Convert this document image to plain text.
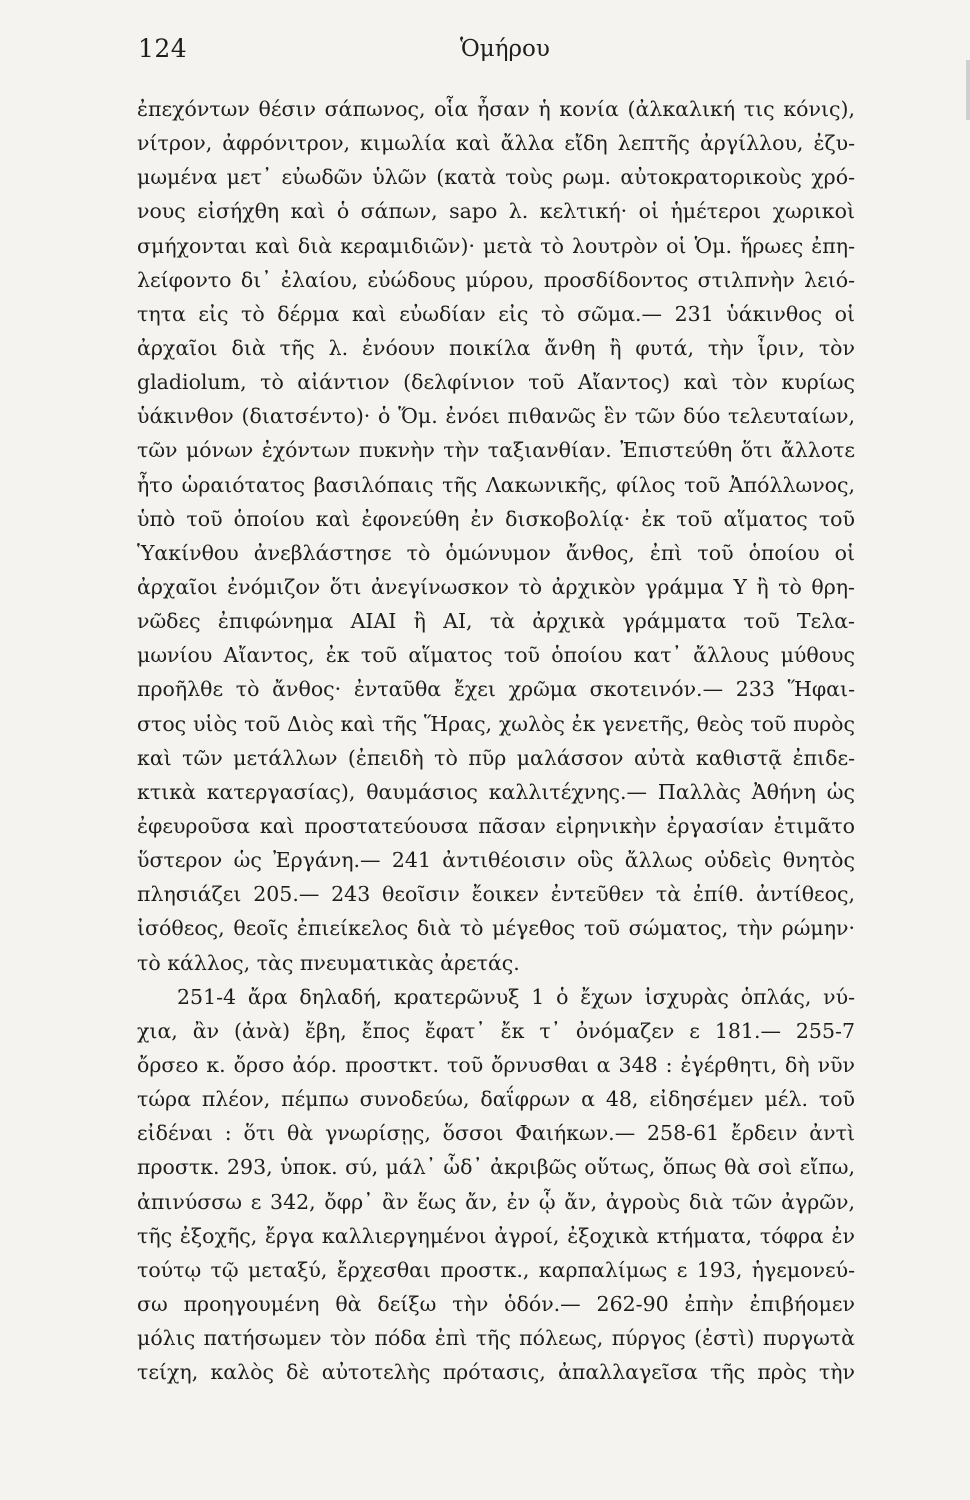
124	Ὁμήρου
ἐπεχόντων θέσιν σάπωνος, οἷα ἦσαν ἡ κονία (ἀλκαλική τις κόνις),
νίτρον, ἀφρόνιτρον, κιμωλία καὶ ἄλλα εἴδη λεπτῆς ἀργίλλου, ἐζυ-
μωμένα μετ᾽ εὐωδῶν ὑλῶν (κατὰ τοὺς ρωμ. αὐτοκρατορικοὺς χρό-
νους εἰσήχθη καὶ ὁ σάπων, sapo λ. κελτική· οἱ ἡμέτεροι χωρικοὶ
σμήχονται καὶ διὰ κεραμιδιῶν)· μετὰ τὸ λουτρὸν οἱ Ὁμ. ἥρωες ἐπη-
λείφοντο δι᾽ ἐλαίου, εὐώδους μύρου, προσδίδοντος στιλπνὴν λειό-
τητα εἰς τὸ δέρμα καὶ εὐωδίαν εἰς τὸ σῶμα.— 231 ὑάκινθος οἱ
ἀρχαῖοι διὰ τῆς λ. ἐνόουν ποικίλα ἄνθη ἢ φυτά, τὴν ἶριν, τὸν
gladiolum, τὸ αἰάντιον (δελφίνιον τοῦ Αἴαντος) καὶ τὸν κυρίως
ὑάκινθον (διατσέντο)· ὁ Ὅμ. ἐνόει πιθανῶς ἓν τῶν δύο τελευταίων,
τῶν μόνων ἐχόντων πυκνὴν τὴν ταξιανθίαν. Ἐπιστεύθη ὅτι ἄλλοτε
ἦτο ὡραιότατος βασιλόπαις τῆς Λακωνικῆς, φίλος τοῦ Ἀπόλλωνος,
ὑπὸ τοῦ ὁποίου καὶ ἐφονεύθη ἐν δισκοβολίᾳ· ἐκ τοῦ αἵματος τοῦ
Ὑακίνθου ἀνεβλάστησε τὸ ὁμώνυμον ἄνθος, ἐπὶ τοῦ ὁποίου οἱ
ἀρχαῖοι ἐνόμιζον ὅτι ἀνεγίνωσκον τὸ ἀρχικὸν γράμμα Υ ἢ τὸ θρη-
νῶδες ἐπιφώνημα ΑΙΑΙ ἢ ΑΙ, τὰ ἀρχικὰ γράμματα τοῦ Τελα-
μωνίου Αἴαντος, ἐκ τοῦ αἵματος τοῦ ὁποίου κατ᾽ ἄλλους μύθους
προῆλθε τὸ ἄνθος· ἐνταῦθα ἔχει χρῶμα σκοτεινόν.— 233 Ἥφαι-
στος υἱὸς τοῦ Διὸς καὶ τῆς Ἥρας, χωλὸς ἐκ γενετῆς, θεὸς τοῦ πυρὸς
καὶ τῶν μετάλλων (ἐπειδὴ τὸ πῦρ μαλάσσον αὐτὰ καθιστᾷ ἐπιδε-
κτικὰ κατεργασίας), θαυμάσιος καλλιτέχνης.— Παλλὰς Ἀθήνη ὡς
ἐφευροῦσα καὶ προστατεύουσα πᾶσαν εἰρηνικὴν ἐργασίαν ἐτιμᾶτο
ὕστερον ὡς Ἐργάνη.— 241 ἀντιθέοισιν οὓς ἄλλως οὐδεὶς θνητὸς
πλησιάζει 205.— 243 θεοῖσιν ἔοικεν ἐντεῦθεν τὰ ἐπίθ. ἀντίθεος,
ἰσόθεος, θεοῖς ἐπιείκελος διὰ τὸ μέγεθος τοῦ σώματος, τὴν ρώμην·
τὸ κάλλος, τὰς πνευματικὰς ἀρετάς.
251-4 ἄρα δηλαδή, κρατερῶνυξ 1 ὁ ἔχων ἰσχυρὰς ὁπλάς, νύ-
χια, ἂν (ἀνὰ) ἔβη, ἔπος ἔφατ᾽ ἔκ τ᾽ ὀνόμαζεν ε 181.— 255-7
ὄρσεο κ. ὄρσο ἀόρ. προστκτ. τοῦ ὄρνυσθαι α 348 : ἐγέρθητι, δὴ νῦν
τώρα πλέον, πέμπω συνοδεύω, δαΐφρων α 48, εἰδησέμεν μέλ. τοῦ
εἰδέναι : ὅτι θὰ γνωρίσῃς, ὅσσοι Φαιήκων.— 258-61 ἔρδειν ἀντὶ
προστκ. 293, ὑποκ. σύ, μάλ᾽ ὧδ᾽ ἀκριβῶς οὕτως, ὅπως θὰ σοὶ εἴπω,
ἀπινύσσω ε 342, ὄφρ᾽ ἂν ἕως ἄν, ἐν ᾧ ἄν, ἀγροὺς διὰ τῶν ἀγρῶν,
τῆς ἐξοχῆς, ἔργα καλλιεργημένοι ἀγροί, ἐξοχικὰ κτήματα, τόφρα ἐν
τούτῳ τῷ μεταξύ, ἔρχεσθαι προστκ., καρπαλίμως ε 193, ἡγεμονεύ-
σω προηγουμένη θὰ δείξω τὴν ὁδόν.— 262-90 ἐπὴν ἐπιβήομεν
μόλις πατήσωμεν τὸν πόδα ἐπὶ τῆς πόλεως, πύργος (ἐστὶ) πυργωτὰ
τείχη, καλὸς δὲ αὐτοτελὴς πρότασις, ἀπαλλαγεῖσα τῆς πρὸς τὴν
